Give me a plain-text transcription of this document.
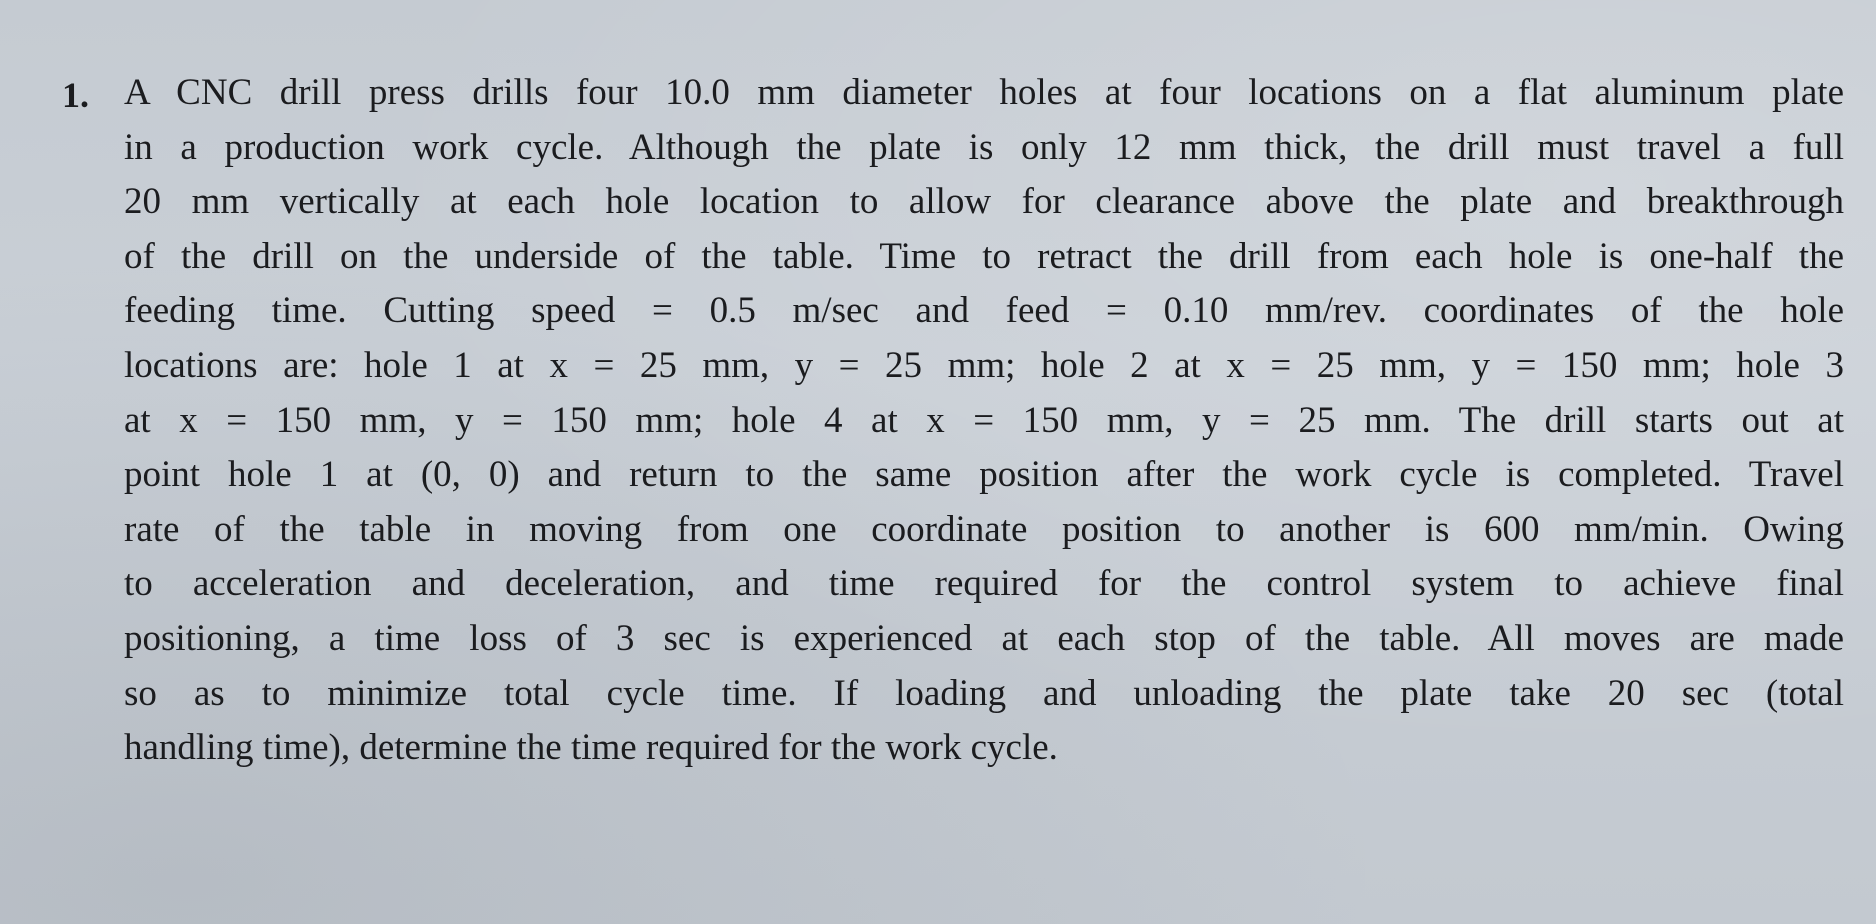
1. A CNC drill press drills four 10.0 mm diameter holes at four locations on a flat aluminum plate
in a production work cycle. Although the plate is only 12 mm thick, the drill must travel a full
20 mm vertically at each hole location to allow for clearance above the plate and breakthrough
of the drill on the underside of the table. Time to retract the drill from each hole is one-half the
feeding time. Cutting speed = 0.5 m/sec and feed = 0.10 mm/rev. coordinates of the hole
locations are: hole 1 at x = 25 mm, y = 25 mm; hole 2 at x = 25 mm, y = 150 mm; hole 3
at x = 150 mm, y = 150 mm; hole 4 at x = 150 mm, y = 25 mm. The drill starts out at
point hole 1 at (0, 0) and return to the same position after the work cycle is completed. Travel
rate of the table in moving from one coordinate position to another is 600 mm/min. Owing
to acceleration and deceleration, and time required for the control system to achieve final
positioning, a time loss of 3 sec is experienced at each stop of the table. All moves are made
so as to minimize total cycle time. If loading and unloading the plate take 20 sec (total
handling time), determine the time required for the work cycle.
